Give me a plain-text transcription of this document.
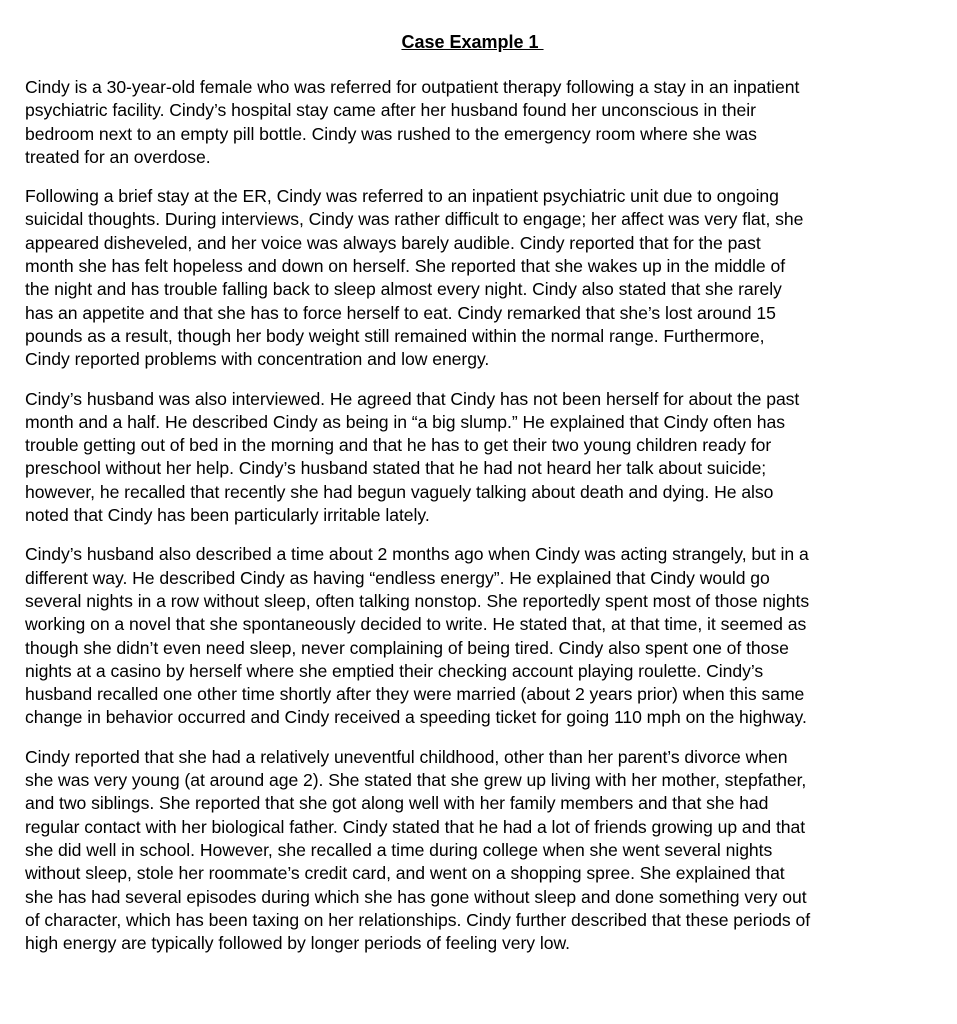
Case Example 1
Cindy is a 30-year-old female who was referred for outpatient therapy following a stay in an inpatient
psychiatric facility. Cindy’s hospital stay came after her husband found her unconscious in their
bedroom next to an empty pill bottle. Cindy was rushed to the emergency room where she was
treated for an overdose.
Following a brief stay at the ER, Cindy was referred to an inpatient psychiatric unit due to ongoing
suicidal thoughts. During interviews, Cindy was rather difficult to engage; her affect was very flat, she
appeared disheveled, and her voice was always barely audible. Cindy reported that for the past
month she has felt hopeless and down on herself. She reported that she wakes up in the middle of
the night and has trouble falling back to sleep almost every night. Cindy also stated that she rarely
has an appetite and that she has to force herself to eat. Cindy remarked that she’s lost around 15
pounds as a result, though her body weight still remained within the normal range. Furthermore,
Cindy reported problems with concentration and low energy.
Cindy’s husband was also interviewed. He agreed that Cindy has not been herself for about the past
month and a half. He described Cindy as being in “a big slump.” He explained that Cindy often has
trouble getting out of bed in the morning and that he has to get their two young children ready for
preschool without her help. Cindy’s husband stated that he had not heard her talk about suicide;
however, he recalled that recently she had begun vaguely talking about death and dying. He also
noted that Cindy has been particularly irritable lately.
Cindy’s husband also described a time about 2 months ago when Cindy was acting strangely, but in a
different way. He described Cindy as having “endless energy”. He explained that Cindy would go
several nights in a row without sleep, often talking nonstop. She reportedly spent most of those nights
working on a novel that she spontaneously decided to write. He stated that, at that time, it seemed as
though she didn’t even need sleep, never complaining of being tired. Cindy also spent one of those
nights at a casino by herself where she emptied their checking account playing roulette. Cindy’s
husband recalled one other time shortly after they were married (about 2 years prior) when this same
change in behavior occurred and Cindy received a speeding ticket for going 110 mph on the highway.
Cindy reported that she had a relatively uneventful childhood, other than her parent’s divorce when
she was very young (at around age 2). She stated that she grew up living with her mother, stepfather,
and two siblings. She reported that she got along well with her family members and that she had
regular contact with her biological father. Cindy stated that he had a lot of friends growing up and that
she did well in school. However, she recalled a time during college when she went several nights
without sleep, stole her roommate’s credit card, and went on a shopping spree. She explained that
she has had several episodes during which she has gone without sleep and done something very out
of character, which has been taxing on her relationships. Cindy further described that these periods of
high energy are typically followed by longer periods of feeling very low.
